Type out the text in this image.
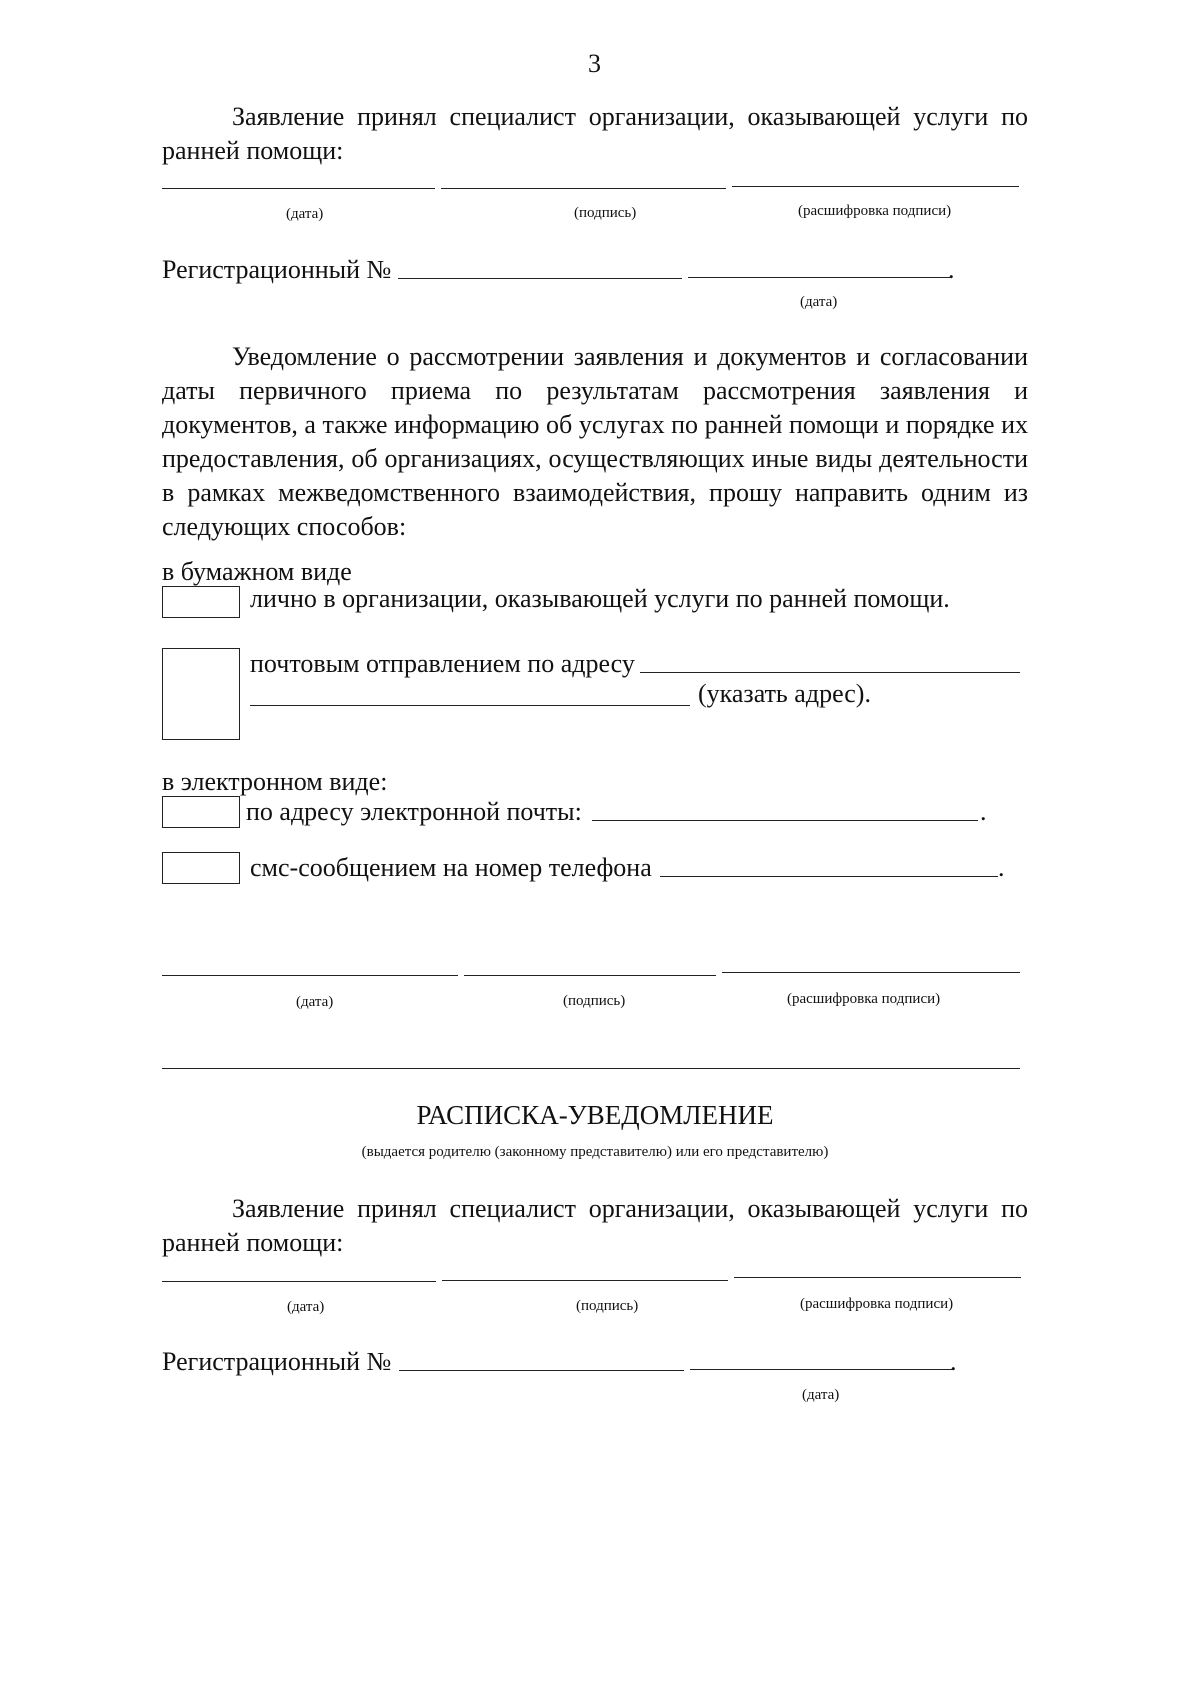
3
Заявление принял специалист организации, оказывающей услуги по
ранней помощи:
(дата)	(подпись)	(расшифровка подписи)
Регистрационный №	.
(дата)
Уведомление о рассмотрении заявления и документов и согласовании
даты первичного приема по результатам рассмотрения заявления и
документов, а также информацию об услугах по ранней помощи и порядке их
предоставления, об организациях, осуществляющих иные виды деятельности
в рамках межведомственного взаимодействия, прошу направить одним из
следующих способов:
в бумажном виде
лично в организации, оказывающей услуги по ранней помощи.
почтовым отправлением по адресу
(указать адрес).
в электронном виде:
по адресу электронной почты:	.
смс-сообщением на номер телефона	.
(дата)	(подпись)	(расшифровка подписи)
РАСПИСКА-УВЕДОМЛЕНИЕ
(выдается родителю (законному представителю) или его представителю)
Заявление принял специалист организации, оказывающей услуги по
ранней помощи:
(дата)	(подпись)	(расшифровка подписи)
Регистрационный №	.
(дата)
